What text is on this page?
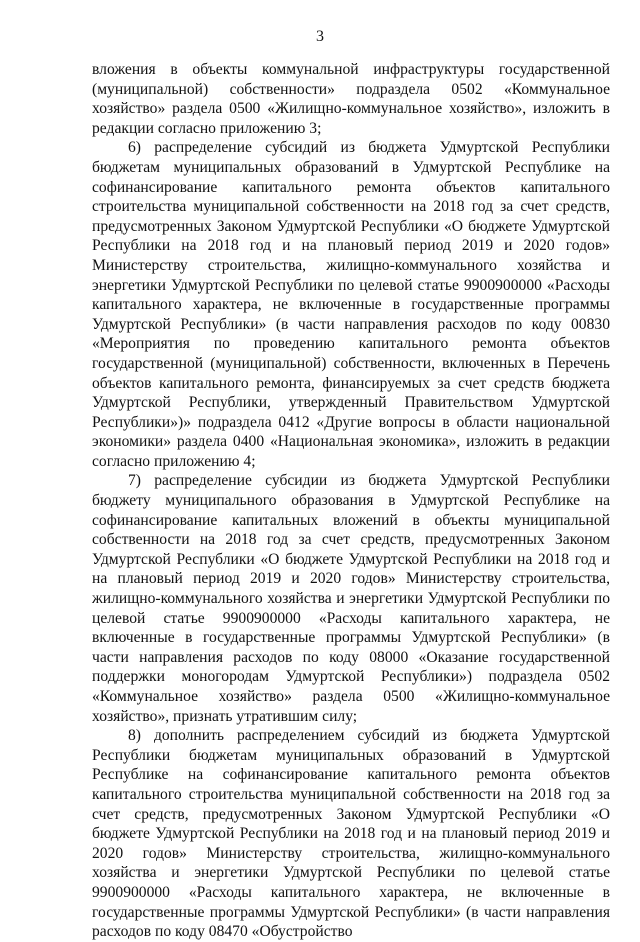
3

вложения в объекты коммунальной инфраструктуры государственной (муниципальной) собственности» подраздела 0502 «Коммунальное хозяйство» раздела 0500 «Жилищно-коммунальное хозяйство», изложить в редакции согласно приложению 3;

6) распределение субсидий из бюджета Удмуртской Республики бюджетам муниципальных образований в Удмуртской Республике на софинансирование капитального ремонта объектов капитального строительства муниципальной собственности на 2018 год за счет средств, предусмотренных Законом Удмуртской Республики «О бюджете Удмуртской Республики на 2018 год и на плановый период 2019 и 2020 годов» Министерству строительства, жилищно-коммунального хозяйства и энергетики Удмуртской Республики по целевой статье 9900900000 «Расходы капитального характера, не включенные в государственные программы Удмуртской Республики» (в части направления расходов по коду 00830 «Мероприятия по проведению капитального ремонта объектов государственной (муниципальной) собственности, включенных в Перечень объектов капитального ремонта, финансируемых за счет средств бюджета Удмуртской Республики, утвержденный Правительством Удмуртской Республики»)» подраздела 0412 «Другие вопросы в области национальной экономики» раздела 0400 «Национальная экономика», изложить в редакции согласно приложению 4;

7) распределение субсидии из бюджета Удмуртской Республики бюджету муниципального образования в Удмуртской Республике на софинансирование капитальных вложений в объекты муниципальной собственности на 2018 год за счет средств, предусмотренных Законом Удмуртской Республики «О бюджете Удмуртской Республики на 2018 год и на плановый период 2019 и 2020 годов» Министерству строительства, жилищно-коммунального хозяйства и энергетики Удмуртской Республики по целевой статье 9900900000 «Расходы капитального характера, не включенные в государственные программы Удмуртской Республики» (в части направления расходов по коду 08000 «Оказание государственной поддержки моногородам Удмуртской Республики») подраздела 0502 «Коммунальное хозяйство» раздела 0500 «Жилищно-коммунальное хозяйство», признать утратившим силу;

8) дополнить распределением субсидий из бюджета Удмуртской Республики бюджетам муниципальных образований в Удмуртской Республике на софинансирование капитального ремонта объектов капитального строительства муниципальной собственности на 2018 год за счет средств, предусмотренных Законом Удмуртской Республики «О бюджете Удмуртской Республики на 2018 год и на плановый период 2019 и 2020 годов» Министерству строительства, жилищно-коммунального хозяйства и энергетики Удмуртской Республики по целевой статье 9900900000 «Расходы капитального характера, не включенные в государственные программы Удмуртской Республики» (в части направления расходов по коду 08470 «Обустройство
